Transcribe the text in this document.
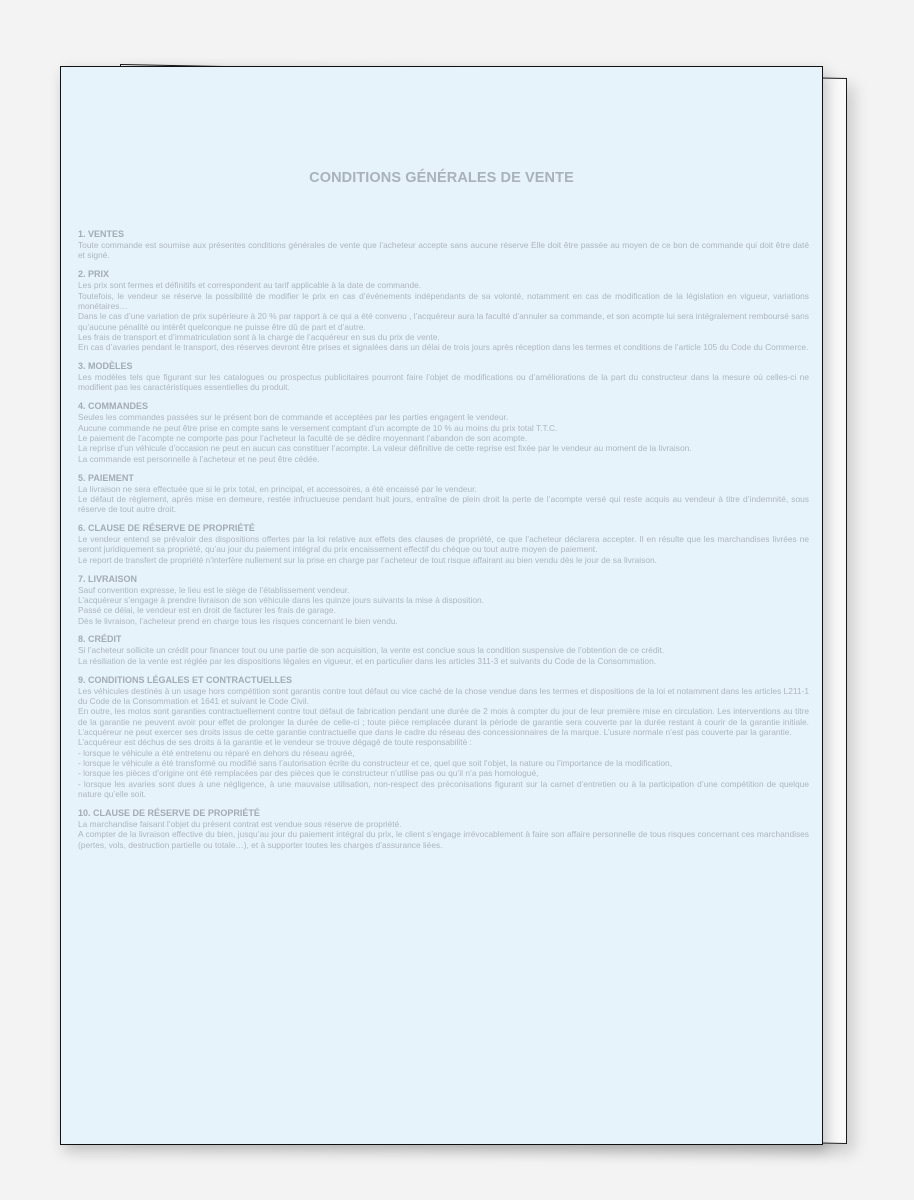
CONDITIONS GÉNÉRALES DE VENTE
1. VENTES

Toute commande est soumise aux présentes conditions générales de vente que l’acheteur accepte sans aucune réserve Elle doit être passée au moyen de ce bon de commande qui doit être daté et signé.

2. PRIX

Les prix sont fermes et définitifs et correspondent au tarif applicable à la date de commande.

Toutefois, le vendeur se réserve la possibilité de modifier le prix en cas d’événements indépendants de sa volonté, notamment en cas de modification de la législation en vigueur, variations monétaires…

Dans le cas d’une variation de prix supérieure à 20 % par rapport à ce qui a été convenu , l’acquéreur aura la faculté d’annuler sa commande, et son acompte lui sera intégralement remboursé sans qu’aucune pénalité ou intérêt quelconque ne puisse être dû de part et d’autre.

Les frais de transport et d’immatriculation sont à la charge de l’acquéreur en sus du prix de vente.

En cas d’avaries pendant le transport, des réserves devront être prises et signalées dans un délai de trois jours après réception dans les termes et conditions de l’article 105 du Code du Commerce.

3. MODÈLES

Les modèles tels que figurant sur les catalogues ou prospectus publicitaires pourront faire l’objet de modifications ou d’améliorations de la part du constructeur dans la mesure où celles-ci ne modifient pas les caractéristiques essentielles du produit.

4. COMMANDES

Seules les commandes passées sur le présent bon de commande et acceptées par les parties engagent le vendeur.

Aucune commande ne peut être prise en compte sans le versement comptant d’un acompte de 10 % au moins du prix total T.T.C.

Le paiement de l’acompte ne comporte pas pour l’acheteur la faculté de se dédire moyennant l’abandon de son acompte.

La reprise d’un véhicule d’occasion ne peut en aucun cas constituer l’acompte. La valeur définitive de cette reprise est fixée par le vendeur au moment de la livraison.

La commande est personnelle à l’acheteur et ne peut être cédée.

5. PAIEMENT

La livraison ne sera effectuée que si le prix total, en principal, et accessoires, a été encaissé par le vendeur.

Le défaut de règlement, après mise en demeure, restée infructueuse pendant huit jours, entraîne de plein droit la perte de l’acompte versé qui reste acquis au vendeur à titre d’indemnité, sous réserve de tout autre droit.

6. CLAUSE DE RÉSERVE DE PROPRIÉTÉ

Le vendeur entend se prévaloir des dispositions offertes par la loi relative aux effets des clauses de propriété, ce que l’acheteur déclarera accepter. Il en résulte que les marchandises livrées ne seront juridiquement sa propriété, qu’au jour du paiement intégral du prix encaissement effectif du chèque ou tout autre moyen de paiement.

Le report de transfert de propriété n’interfère nullement sur la prise en charge par l’acheteur de tout risque affairant au bien vendu dès le jour de sa livraison.

7. LIVRAISON

Sauf convention expresse, le lieu est le siège de l’établissement vendeur.

L’acquéreur s’engage à prendre livraison de son véhicule dans les quinze jours suivants la mise à disposition.

Passé ce délai, le vendeur est en droit de facturer les frais de garage.

Dès le livraison, l’acheteur prend en charge tous les risques concernant le bien vendu.

8. CRÉDIT

Si l’acheteur sollicite un crédit pour financer tout ou une partie de son acquisition, la vente est conclue sous la condition suspensive de l’obtention de ce crédit.

La résiliation de la vente est réglée par les dispositions légales en vigueur, et en particulier dans les articles 311-3 et suivants du Code de la Consommation.

9. CONDITIONS LÉGALES ET CONTRACTUELLES

Les véhicules destinés à un usage hors compétition sont garantis contre tout défaut ou vice caché de la chose vendue dans les termes et dispositions de la loi et notamment dans les articles L211-1 du Code de la Consommation et 1641 et suivant le Code Civil.

En outre, les motos sont garanties contractuellement contre tout défaut de fabrication pendant une durée de 2 mois à compter du jour de leur première mise en circulation. Les interventions au titre de la garantie ne peuvent avoir pour effet de prolonger la durée de celle-ci ; toute pièce remplacée durant la période de garantie sera couverte par la durée restant à courir de la garantie initiale. L’acquéreur ne peut exercer ses droits issus de cette garantie contractuelle que dans le cadre du réseau des concessionnaires de la marque. L’usure normale n’est pas couverte par la garantie.

L’acquéreur est déchus de ses droits à la garantie et le vendeur se trouve dégagé de toute responsabilité :

- lorsque le véhicule a été entretenu ou réparé en dehors du réseau agréé,

- lorsque le véhicule a été transformé ou modifié sans l’autorisation écrite du constructeur et ce, quel que soit l’objet, la nature ou l’importance de la modification,

- lorsque les pièces d’origine ont été remplacées par des pièces que le constructeur n’utilise pas ou qu’il n’a pas homologué,

- lorsque les avaries sont dues à une négligence, à une mauvaise utilisation, non-respect des préconisations figurant sur la carnet d’entretien ou à la participation d’une compétition de quelque nature qu’elle soit.

10. CLAUSE DE RÉSERVE DE PROPRIÉTÉ

La marchandise faisant l’objet du présent contrat est vendue sous réserve de propriété.

A compter de la livraison effective du bien, jusqu’au jour du paiement intégral du prix, le client s’engage irrévocablement à faire son affaire personnelle de tous risques concernant ces marchandises (pertes, vols, destruction partielle ou totale…), et à supporter toutes les charges d’assurance liées.
